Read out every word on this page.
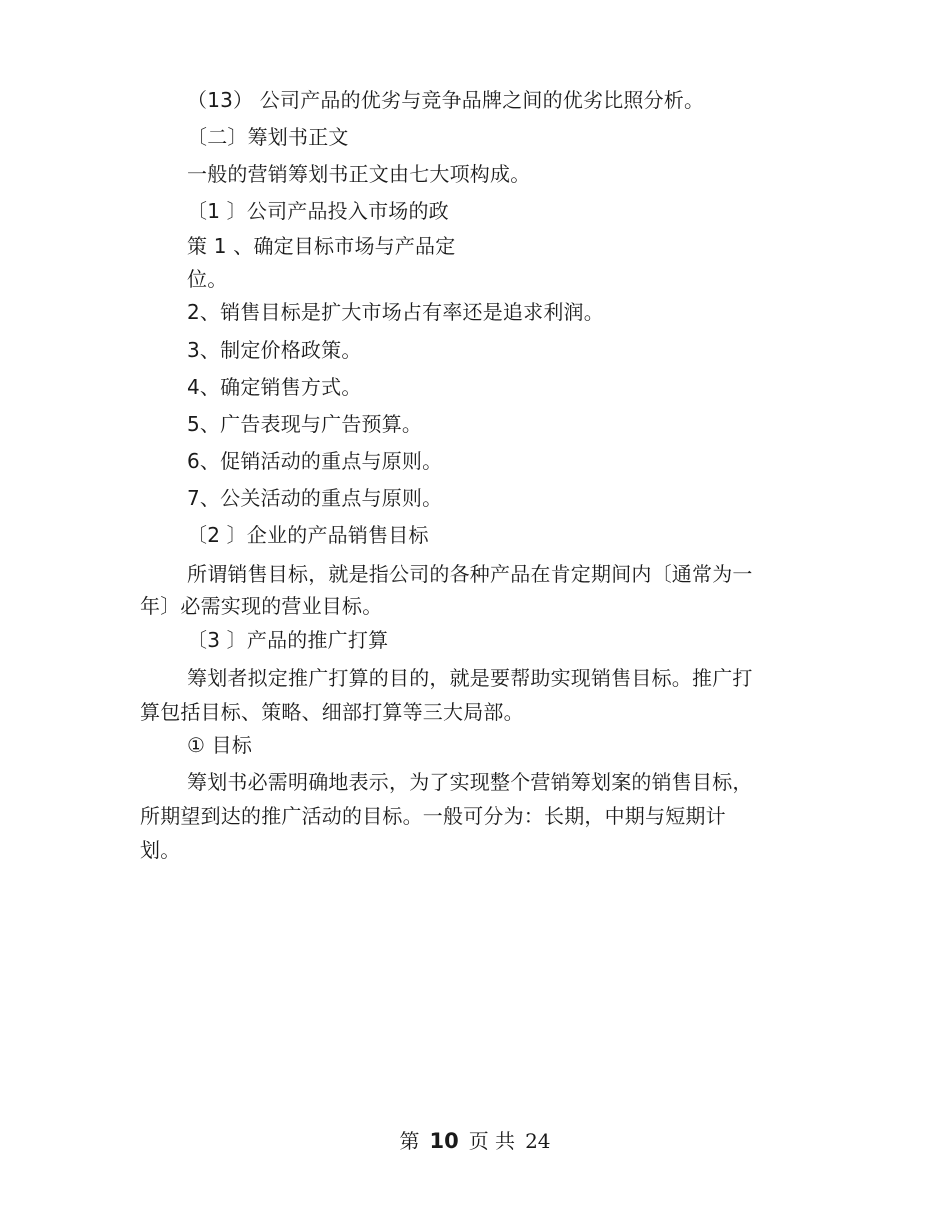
（13） 公司产品的优劣与竞争品牌之间的优劣比照分析。
〔二〕筹划书正文
一般的营销筹划书正文由七大项构成。
〔1 〕公司产品投入市场的政
策 1 、确定目标市场与产品定
位。
2、销售目标是扩大市场占有率还是追求利润。
3、制定价格政策。
4、确定销售方式。
5、广告表现与广告预算。
6、促销活动的重点与原则。
7、公关活动的重点与原则。
〔2 〕企业的产品销售目标
所谓销售目标，就是指公司的各种产品在肯定期间内〔通常为一
年〕必需实现的营业目标。
〔3 〕产品的推广打算
筹划者拟定推广打算的目的，就是要帮助实现销售目标。推广打
算包括目标、策略、细部打算等三大局部。
① 目标
筹划书必需明确地表示，为了实现整个营销筹划案的销售目标，
所期望到达的推广活动的目标。一般可分为：长期，中期与短期计
划。
第 10 页 共 24
